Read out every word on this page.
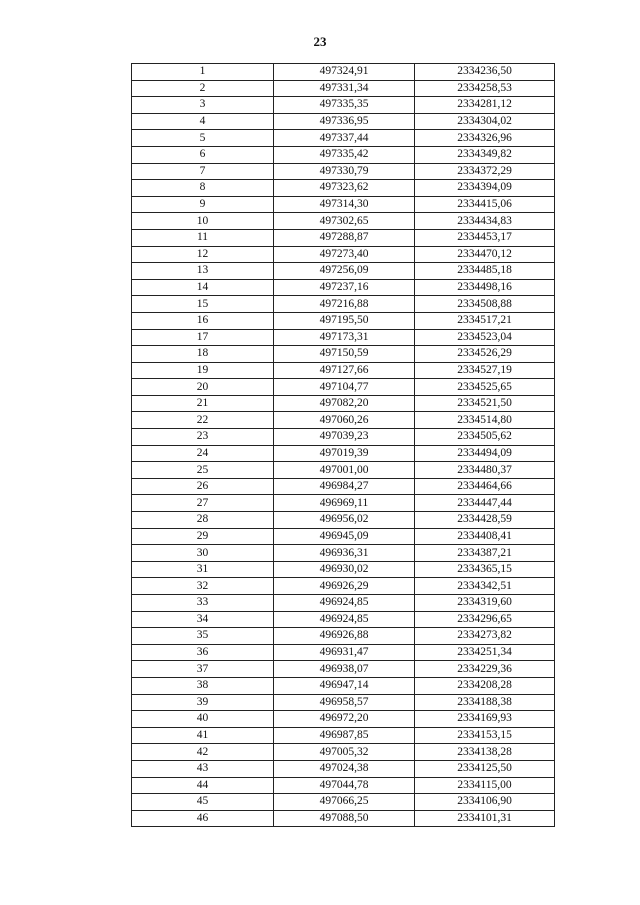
23
1	497324,91	2334236,50
2	497331,34	2334258,53
3	497335,35	2334281,12
4	497336,95	2334304,02
5	497337,44	2334326,96
6	497335,42	2334349,82
7	497330,79	2334372,29
8	497323,62	2334394,09
9	497314,30	2334415,06
10	497302,65	2334434,83
11	497288,87	2334453,17
12	497273,40	2334470,12
13	497256,09	2334485,18
14	497237,16	2334498,16
15	497216,88	2334508,88
16	497195,50	2334517,21
17	497173,31	2334523,04
18	497150,59	2334526,29
19	497127,66	2334527,19
20	497104,77	2334525,65
21	497082,20	2334521,50
22	497060,26	2334514,80
23	497039,23	2334505,62
24	497019,39	2334494,09
25	497001,00	2334480,37
26	496984,27	2334464,66
27	496969,11	2334447,44
28	496956,02	2334428,59
29	496945,09	2334408,41
30	496936,31	2334387,21
31	496930,02	2334365,15
32	496926,29	2334342,51
33	496924,85	2334319,60
34	496924,85	2334296,65
35	496926,88	2334273,82
36	496931,47	2334251,34
37	496938,07	2334229,36
38	496947,14	2334208,28
39	496958,57	2334188,38
40	496972,20	2334169,93
41	496987,85	2334153,15
42	497005,32	2334138,28
43	497024,38	2334125,50
44	497044,78	2334115,00
45	497066,25	2334106,90
46	497088,50	2334101,31
